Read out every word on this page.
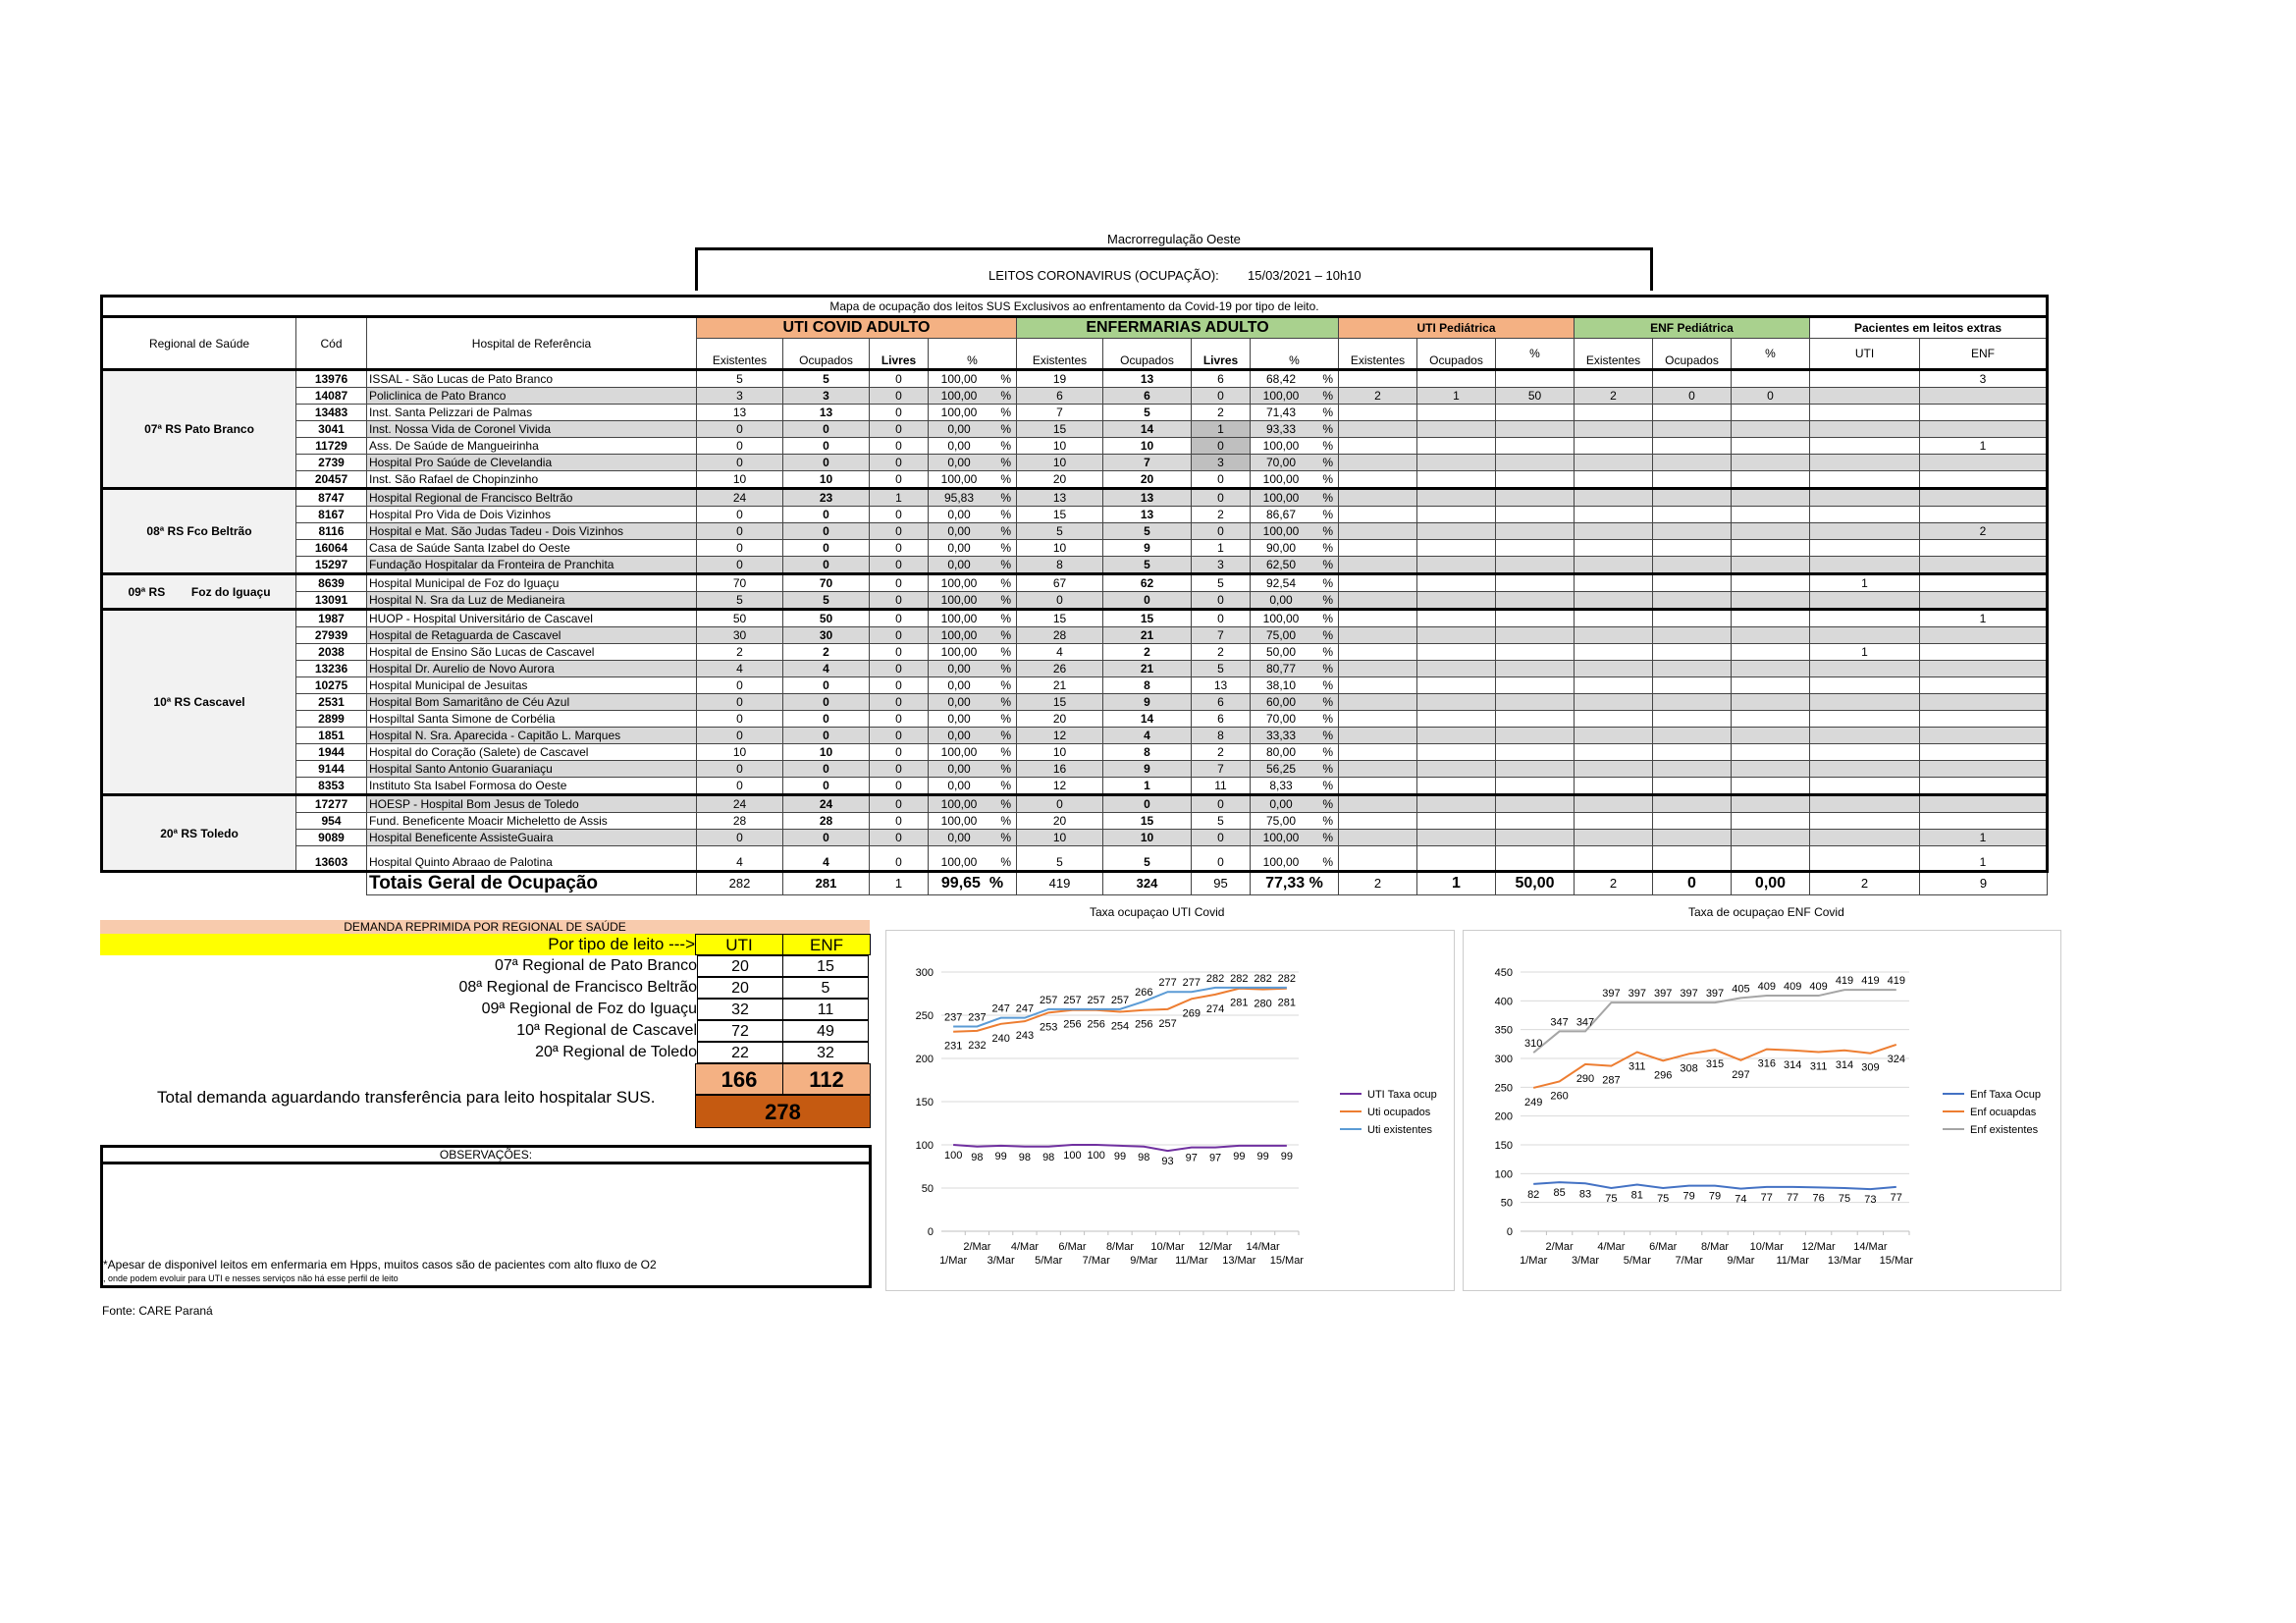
Macrorregulação Oeste
LEITOS CORONAVIRUS (OCUPAÇÃO): 15/03/2021 – 10h10
Mapa de ocupação dos leitos SUS Exclusivos ao enfrentamento da Covid-19 por tipo de leito.																		
Regional de Saúde	Cód	Hospital de Referência	UTI COVID ADULTO				ENFERMARIAS ADULTO				UTI Pediátrica			ENF Pediátrica			Pacientes em leitos extras	
			Existentes	Ocupados	Livres	%	Existentes	Ocupados	Livres	%	Existentes	Ocupados	%	Existentes	Ocupados	%	UTI	ENF
07ª RS Pato Branco	13976	ISSAL - São Lucas de Pato Branco	5	5	0	100,00 %	19	13	6	68,42 %								3
	14087	Policlinica de Pato Branco	3	3	0	100,00 %	6	6	0	100,00 %	2	1	50	2	0	0		
	13483	Inst. Santa Pelizzari de Palmas	13	13	0	100,00 %	7	5	2	71,43 %								
	3041	Inst. Nossa Vida de Coronel Vivida	0	0	0	0,00 %	15	14	1	93,33 %								
	11729	Ass. De Saúde de Mangueirinha	0	0	0	0,00 %	10	10	0	100,00 %								1
	2739	Hospital Pro Saúde de Clevelandia	0	0	0	0,00 %	10	7	3	70,00 %								
	20457	Inst. São Rafael de Chopinzinho	10	10	0	100,00 %	20	20	0	100,00 %								
08ª RS Fco Beltrão	8747	Hospital Regional de Francisco Beltrão	24	23	1	95,83 %	13	13	0	100,00 %								
	8167	Hospital Pro Vida de Dois Vizinhos	0	0	0	0,00 %	15	13	2	86,67 %								
	8116	Hospital e Mat. São Judas Tadeu - Dois Vizinhos	0	0	0	0,00 %	5	5	0	100,00 %								2
	16064	Casa de Saúde Santa Izabel do Oeste	0	0	0	0,00 %	10	9	1	90,00 %								
	15297	Fundação Hospitalar da Fronteira de Pranchita	0	0	0	0,00 %	8	5	3	62,50 %								
09ª RS        Foz do Iguaçu	8639	Hospital Municipal de Foz do Iguaçu	70	70	0	100,00 %	67	62	5	92,54 %							1	
	13091	Hospital N. Sra da Luz de Medianeira	5	5	0	100,00 %	0	0	0	0,00 %								
10ª RS Cascavel	1987	HUOP - Hospital Universitário de Cascavel	50	50	0	100,00 %	15	15	0	100,00 %								1
	27939	Hospital de Retaguarda de Cascavel	30	30	0	100,00 %	28	21	7	75,00 %								
	2038	Hospital de Ensino São Lucas de Cascavel	2	2	0	100,00 %	4	2	2	50,00 %							1	
	13236	Hospital Dr. Aurelio de Novo Aurora	4	4	0	0,00 %	26	21	5	80,77 %								
	10275	Hospital Municipal de Jesuitas	0	0	0	0,00 %	21	8	13	38,10 %								
	2531	Hospital Bom Samaritâno de Céu Azul	0	0	0	0,00 %	15	9	6	60,00 %								
	2899	Hospiltal Santa Simone de Corbélia	0	0	0	0,00 %	20	14	6	70,00 %								
	1851	Hospital N. Sra. Aparecida - Capitão L. Marques	0	0	0	0,00 %	12	4	8	33,33 %								
	1944	Hospital do Coração (Salete) de Cascavel	10	10	0	100,00 %	10	8	2	80,00 %								
	9144	Hospital Santo Antonio Guaraniaçu	0	0	0	0,00 %	16	9	7	56,25 %								
	8353	Instituto Sta Isabel Formosa do Oeste	0	0	0	0,00 %	12	1	11	8,33 %								
20ª RS Toledo	17277	HOESP - Hospital Bom Jesus de Toledo	24	24	0	100,00 %	0	0	0	0,00 %								
	954	Fund. Beneficente Moacir Micheletto de Assis	28	28	0	100,00 %	20	15	5	75,00 %								
	9089	Hospital Beneficente AssisteGuaira	0	0	0	0,00 %	10	10	0	100,00 %								1
	13603	Hospital Quinto Abraao de Palotina	4	4	0	100,00 %	5	5	0	100,00 %								1
		Totais Geral de Ocupação	282	281	1	99,65 %	419	324	95	77,33 %	2	1	50,00	2	0	0,00	2	9
DEMANDA REPRIMIDA POR REGIONAL DE SAÚDE
Por tipo de leito --->	UTI	ENF
07ª Regional de Pato Branco	20	15
08ª Regional de Francisco Beltrão	20	5
09ª Regional de Foz do Iguaçu	32	11
10ª Regional de Cascavel	72	49
20ª Regional de Toledo	22	32
166	112
278
Total demanda aguardando transferência para leito hospitalar SUS.
OBSERVAÇÕES:
*Apesar de disponivel leitos em enfermaria em Hpps, muitos casos são de pacientes com alto fluxo de O2
, onde podem evoluir para UTI e nesses serviços não há esse perfil de leito
Fonte: CARE Paraná
Taxa ocupaçao UTI Covid
0
50
100
150
200
250
300
1/Mar
2/Mar
3/Mar
4/Mar
5/Mar
6/Mar
7/Mar
8/Mar
9/Mar
10/Mar
11/Mar
12/Mar
13/Mar
14/Mar
15/Mar
100 98 99 98 98 100 100 99 98 93 97 97 99 99 99
UTI Taxa ocup
231 232
240 243
253 256 256 254 256 257
269 274
281 280 281
Uti ocupados
237 237
247 247
257 257 257 257
266
277 277 282 282 282 282
Uti existentes
Taxa de ocupaçao ENF Covid
0
50
100
150
200
250
300
350
400
450
1/Mar
2/Mar
3/Mar
4/Mar
5/Mar
6/Mar
7/Mar
8/Mar
9/Mar
10/Mar
11/Mar
12/Mar
13/Mar
14/Mar
15/Mar
82 85 83 75 81 75 79 79 74 77 77 76 75 73 77
Enf Taxa Ocup
249
260
290 287
311
296
308 315
297
316 314 311 314 309
324
Enf ocuapdas
310
347 347
397 397 397 397 397 405 409 409 409 419 419 419
Enf existentes
